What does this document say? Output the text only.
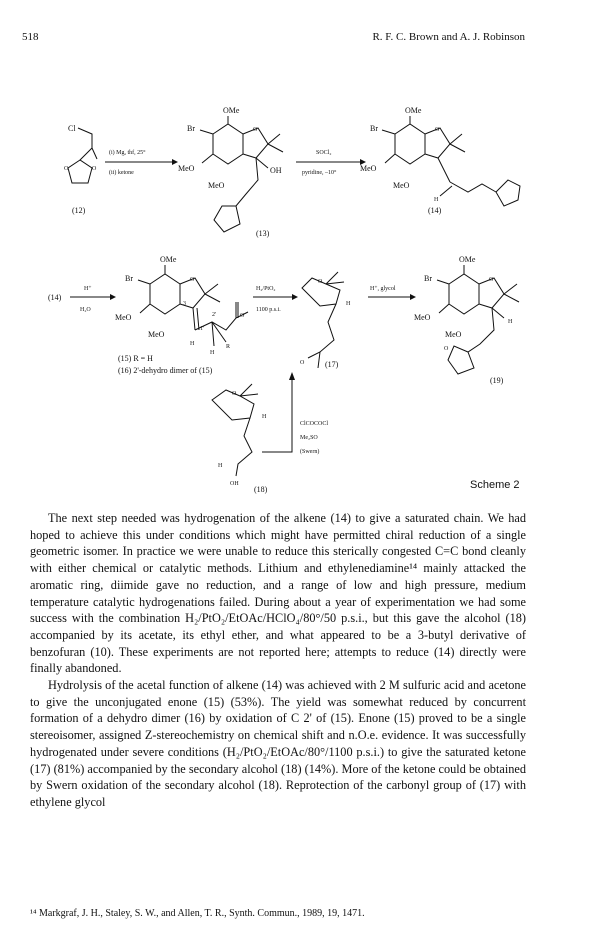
518	R. F. C. Brown and A. J. Robinson
Cl
O	O
(12)
(i) Mg, thf, 25°
(ii) ketone
OMe
Br	O
OH
MeO
MeO
(13)
SOCl₂
pyridine, –10°
OMe
Br	O
MeO
MeO
H
(14)
(14)
H⁺
H₂O
OMe
Br	O
3
MeO
MeO
1'
2'	O
H
H
R
(15) R = H
(16) 2'-dehydro dimer of (15)
H₂/PtO₂
1100 p.s.i.
O
H
O	(17)
H⁺, glycol
OMe
Br	O
H
MeO
MeO
O
(19)
O
H
H
OH
(18)
ClCOCOCl
Me₂SO
(Swern)
Scheme 2

The next step needed was hydrogenation of the alkene (14) to give a saturated chain. We had hoped to achieve this under conditions which might have permitted chiral reduction of a single geometric isomer. In practice we were unable to reduce this sterically congested C=C bond cleanly with either chemical or catalytic methods. Lithium and ethylenediamine¹⁴ mainly attacked the aromatic ring, diimide gave no reduction, and a range of low and high pressure, medium temperature catalytic hydrogenations failed. During about a year of experimentation we had some success with the combination H₂/PtO₂/EtOAc/HClO₄/80°/50 p.s.i., but this gave the alcohol (18) accompanied by its acetate, its ethyl ether, and what appeared to be a 3-butyl derivative of benzofuran (10). These experiments are not reported here; attempts to reduce (14) directly were finally abandoned.

Hydrolysis of the acetal function of alkene (14) was achieved with 2 M sulfuric acid and acetone to give the unconjugated enone (15) (53%). The yield was somewhat reduced by concurrent formation of a dehydro dimer (16) by oxidation of C 2' of (15). Enone (15) proved to be a single stereoisomer, assigned Z-stereochemistry on chemical shift and n.O.e. evidence. It was successfully hydrogenated under severe conditions (H₂/PtO₂/EtOAc/80°/1100 p.s.i.) to give the saturated ketone (17) (81%) accompanied by the secondary alcohol (18) (14%). More of the ketone could be obtained by Swern oxidation of the secondary alcohol (18). Reprotection of the carbonyl group of (17) with ethylene glycol

¹⁴ Markgraf, J. H., Staley, S. W., and Allen, T. R., Synth. Commun., 1989, 19, 1471.
